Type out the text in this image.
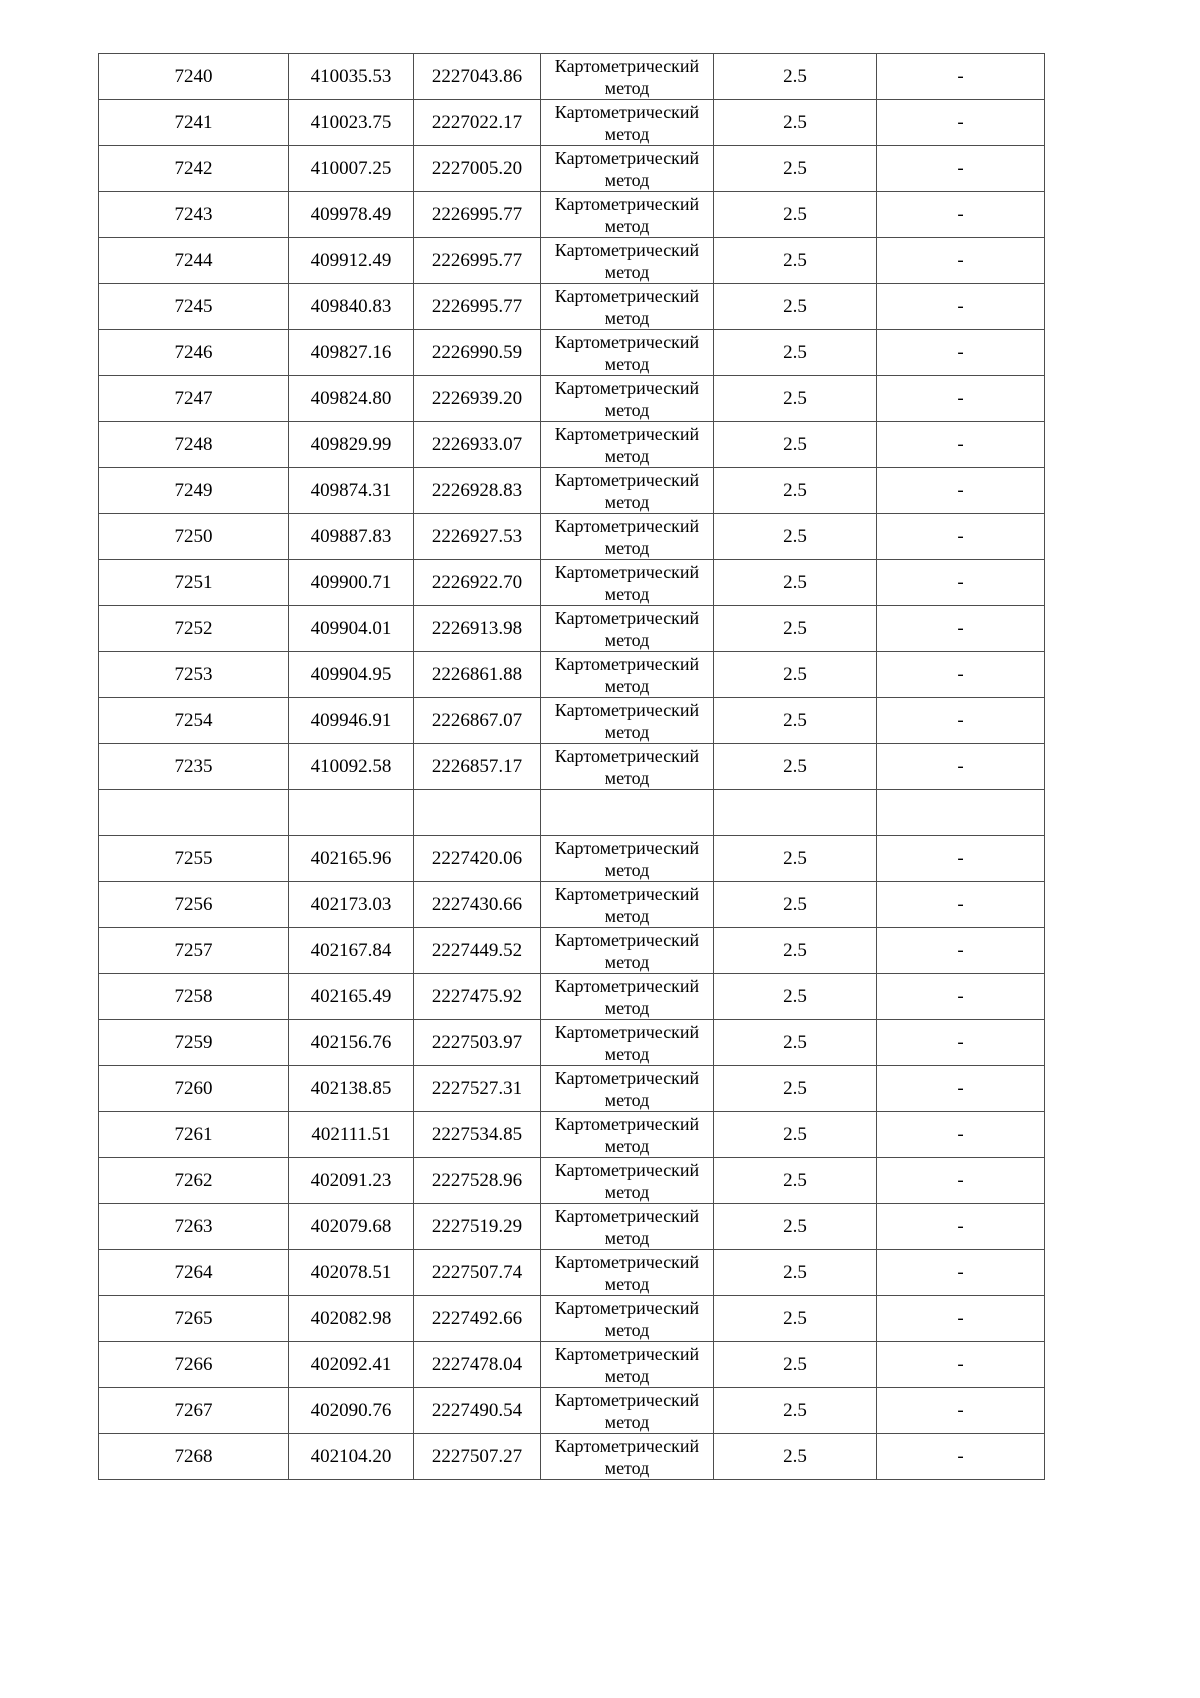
7240	410035.53	2227043.86	Картометрический метод	2.5	-
7241	410023.75	2227022.17	Картометрический метод	2.5	-
7242	410007.25	2227005.20	Картометрический метод	2.5	-
7243	409978.49	2226995.77	Картометрический метод	2.5	-
7244	409912.49	2226995.77	Картометрический метод	2.5	-
7245	409840.83	2226995.77	Картометрический метод	2.5	-
7246	409827.16	2226990.59	Картометрический метод	2.5	-
7247	409824.80	2226939.20	Картометрический метод	2.5	-
7248	409829.99	2226933.07	Картометрический метод	2.5	-
7249	409874.31	2226928.83	Картометрический метод	2.5	-
7250	409887.83	2226927.53	Картометрический метод	2.5	-
7251	409900.71	2226922.70	Картометрический метод	2.5	-
7252	409904.01	2226913.98	Картометрический метод	2.5	-
7253	409904.95	2226861.88	Картометрический метод	2.5	-
7254	409946.91	2226867.07	Картометрический метод	2.5	-
7235	410092.58	2226857.17	Картометрический метод	2.5	-

7255	402165.96	2227420.06	Картометрический метод	2.5	-
7256	402173.03	2227430.66	Картометрический метод	2.5	-
7257	402167.84	2227449.52	Картометрический метод	2.5	-
7258	402165.49	2227475.92	Картометрический метод	2.5	-
7259	402156.76	2227503.97	Картометрический метод	2.5	-
7260	402138.85	2227527.31	Картометрический метод	2.5	-
7261	402111.51	2227534.85	Картометрический метод	2.5	-
7262	402091.23	2227528.96	Картометрический метод	2.5	-
7263	402079.68	2227519.29	Картометрический метод	2.5	-
7264	402078.51	2227507.74	Картометрический метод	2.5	-
7265	402082.98	2227492.66	Картометрический метод	2.5	-
7266	402092.41	2227478.04	Картометрический метод	2.5	-
7267	402090.76	2227490.54	Картометрический метод	2.5	-
7268	402104.20	2227507.27	Картометрический метод	2.5	-
